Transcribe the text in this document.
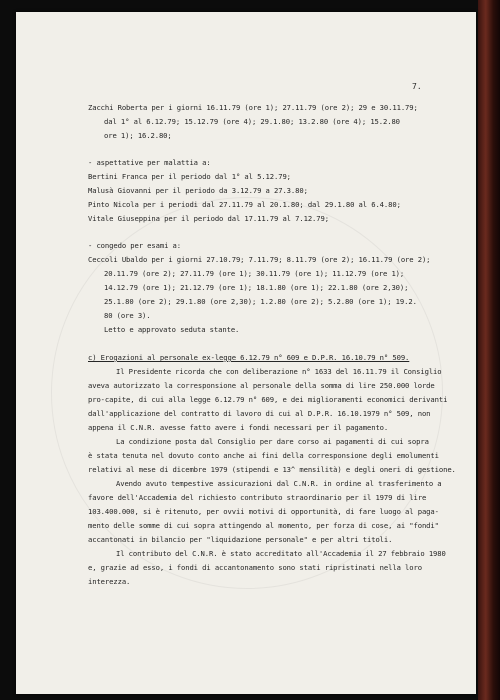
7.
Zacchi Roberta per i giorni 16.11.79 (ore 1); 27.11.79 (ore 2); 29 e 30.11.79;
dal 1° al 6.12.79; 15.12.79 (ore 4); 29.1.80; 13.2.80 (ore 4); 15.2.80
ore 1); 16.2.80;
- aspettative per malattia a:
Bertini Franca per il periodo dal 1° al 5.12.79;
Malusà Giovanni per il periodo da 3.12.79 a 27.3.80;
Pinto Nicola per i periodi dal 27.11.79 al 20.1.80; dal 29.1.80 al 6.4.80;
Vitale Giuseppina per il periodo dal 17.11.79 al 7.12.79;
- congedo per esami a:
Ceccoli Ubaldo per i giorni 27.10.79; 7.11.79; 8.11.79 (ore 2); 16.11.79 (ore 2);
20.11.79 (ore 2); 27.11.79 (ore 1); 30.11.79 (ore 1); 11.12.79 (ore 1);
14.12.79 (ore 1); 21.12.79 (ore 1); 18.1.80 (ore 1); 22.1.80 (ore 2,30);
25.1.80 (ore 2); 29.1.80 (ore 2,30); 1.2.80 (ore 2); 5.2.80 (ore 1); 19.2.
80 (ore 3).
Letto e approvato seduta stante.
c) Erogazioni al personale ex-legge 6.12.79 n° 609 e D.P.R. 16.10.79 n° 509.
Il Presidente ricorda che con deliberazione n° 1633 del 16.11.79 il Consiglio
aveva autorizzato la corresponsione al personale della somma di lire 250.000 lorde
pro-capite, di cui alla legge 6.12.79 n° 609, e dei miglioramenti economici derivanti
dall'applicazione del contratto di lavoro di cui al D.P.R. 16.10.1979 n° 509, non
appena il C.N.R. avesse fatto avere i fondi necessari per il pagamento.
La condizione posta dal Consiglio per dare corso ai pagamenti di cui sopra
è stata tenuta nel dovuto conto anche ai fini della corresponsione degli emolumenti
relativi al mese di dicembre 1979 (stipendi e 13^ mensilità) e degli oneri di gestione.
Avendo avuto tempestive assicurazioni dal C.N.R. in ordine al trasferimento a
favore dell'Accademia del richiesto contributo straordinario per il 1979 di lire
103.400.000, si è ritenuto, per ovvii motivi di opportunità, di fare luogo al paga-
mento delle somme di cui sopra attingendo al momento, per forza di cose, ai "fondi"
accantonati in bilancio per "liquidazione personale" e per altri titoli.
Il contributo del C.N.R. è stato accreditato all'Accademia il 27 febbraio 1980
e, grazie ad esso, i fondi di accantonamento sono stati ripristinati nella loro
interezza.
